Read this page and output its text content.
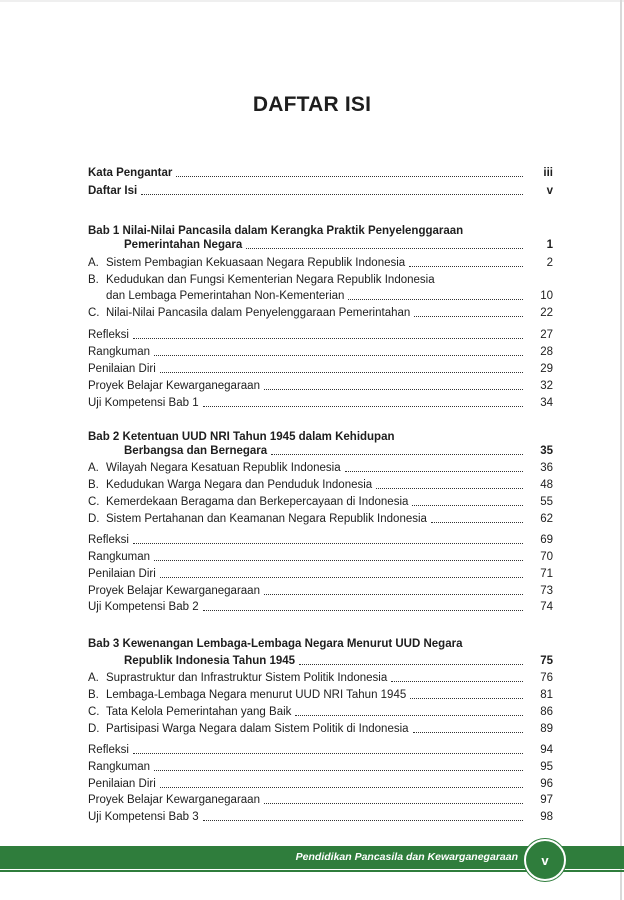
DAFTAR ISI
Kata Pengantar	iii
Daftar Isi	v
Bab 1 Nilai-Nilai Pancasila dalam Kerangka Praktik Penyelenggaraan
Pemerintahan Negara	1
A. Sistem Pembagian Kekuasaan Negara Republik Indonesia	2
B. Kedudukan dan Fungsi Kementerian Negara Republik Indonesia
dan Lembaga Pemerintahan Non-Kementerian	10
C. Nilai-Nilai Pancasila dalam Penyelenggaraan Pemerintahan	22
Refleksi	27
Rangkuman	28
Penilaian Diri	29
Proyek Belajar Kewarganegaraan	32
Uji Kompetensi Bab 1	34
Bab 2 Ketentuan UUD NRI Tahun 1945 dalam Kehidupan
Berbangsa dan Bernegara	35
A. Wilayah Negara Kesatuan Republik Indonesia	36
B. Kedudukan Warga Negara dan Penduduk Indonesia	48
C. Kemerdekaan Beragama dan Berkepercayaan di Indonesia	55
D. Sistem Pertahanan dan Keamanan Negara Republik Indonesia	62
Refleksi	69
Rangkuman	70
Penilaian Diri	71
Proyek Belajar Kewarganegaraan	73
Uji Kompetensi Bab 2	74
Bab 3 Kewenangan Lembaga-Lembaga Negara Menurut UUD Negara
Republik Indonesia Tahun 1945	75
A. Suprastruktur dan Infrastruktur Sistem Politik Indonesia	76
B. Lembaga-Lembaga Negara menurut UUD NRI Tahun 1945	81
C. Tata Kelola Pemerintahan yang Baik	86
D. Partisipasi Warga Negara dalam Sistem Politik di Indonesia	89
Refleksi	94
Rangkuman	95
Penilaian Diri	96
Proyek Belajar Kewarganegaraan	97
Uji Kompetensi Bab 3	98
Pendidikan Pancasila dan Kewarganegaraan	v
